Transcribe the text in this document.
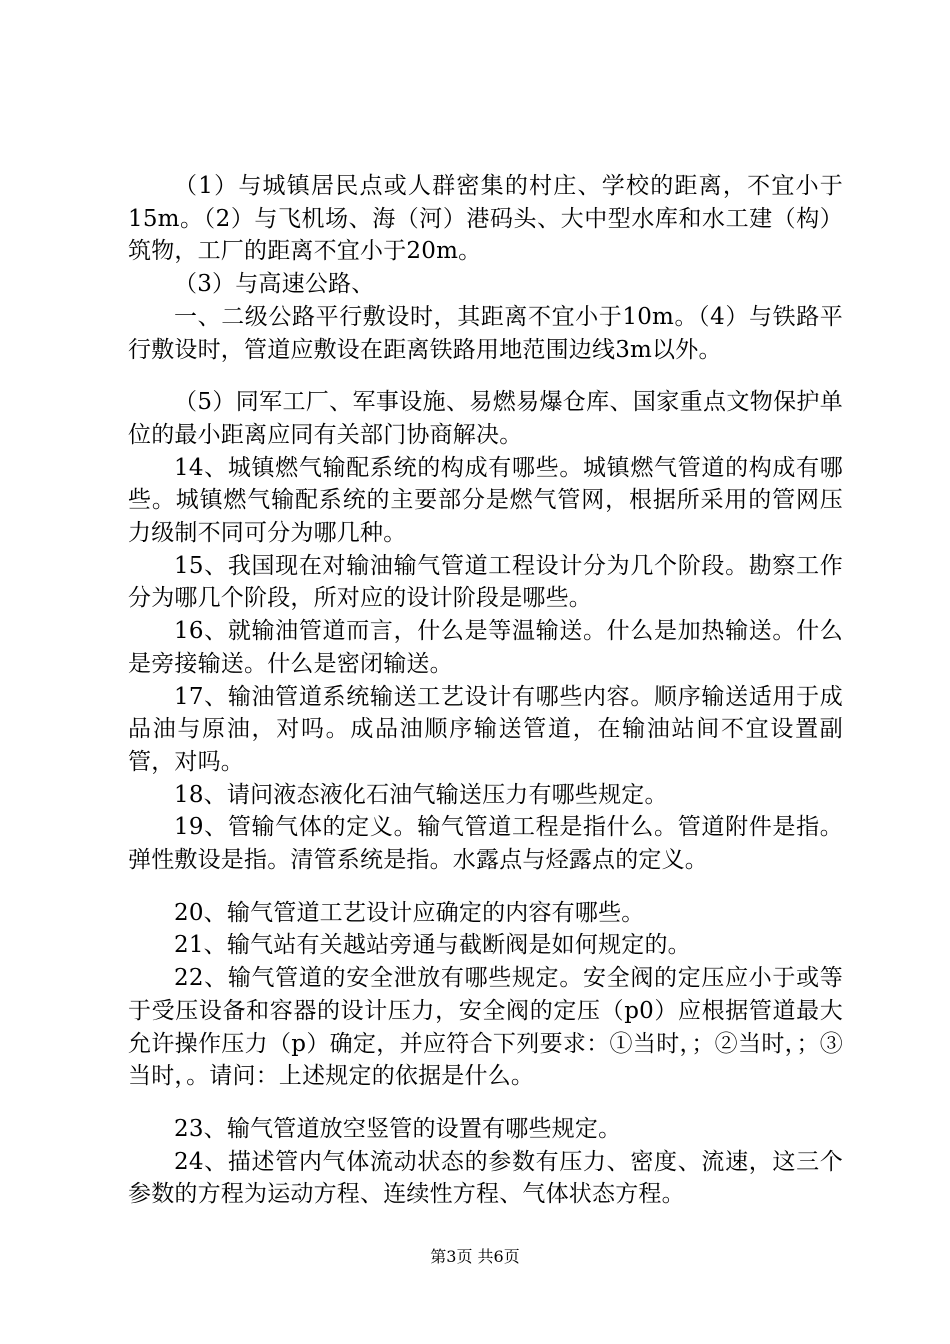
（1）与城镇居民点或人群密集的村庄、学校的距离，不宜小于15m。（2）与飞机场、海（河）港码头、大中型水库和水工建（构）筑物，工厂的距离不宜小于20m。

（3）与高速公路、

一、二级公路平行敷设时，其距离不宜小于10m。（4）与铁路平行敷设时，管道应敷设在距离铁路用地范围边线3m以外。

（5）同军工厂、军事设施、易燃易爆仓库、国家重点文物保护单位的最小距离应同有关部门协商解决。

14、城镇燃气输配系统的构成有哪些。城镇燃气管道的构成有哪些。城镇燃气输配系统的主要部分是燃气管网，根据所采用的管网压力级制不同可分为哪几种。

15、我国现在对输油输气管道工程设计分为几个阶段。勘察工作分为哪几个阶段，所对应的设计阶段是哪些。

16、就输油管道而言，什么是等温输送。什么是加热输送。什么是旁接输送。什么是密闭输送。

17、输油管道系统输送工艺设计有哪些内容。顺序输送适用于成品油与原油，对吗。成品油顺序输送管道，在输油站间不宜设置副管，对吗。

18、请问液态液化石油气输送压力有哪些规定。

19、管输气体的定义。输气管道工程是指什么。管道附件是指。弹性敷设是指。清管系统是指。水露点与烃露点的定义。

20、输气管道工艺设计应确定的内容有哪些。

21、输气站有关越站旁通与截断阀是如何规定的。

22、输气管道的安全泄放有哪些规定。安全阀的定压应小于或等于受压设备和容器的设计压力，安全阀的定压（p0）应根据管道最大允许操作压力（p）确定，并应符合下列要求：①当时，；②当时，；③当时，。请问：上述规定的依据是什么。

23、输气管道放空竖管的设置有哪些规定。

24、描述管内气体流动状态的参数有压力、密度、流速，这三个参数的方程为运动方程、连续性方程、气体状态方程。

第3页 共6页
